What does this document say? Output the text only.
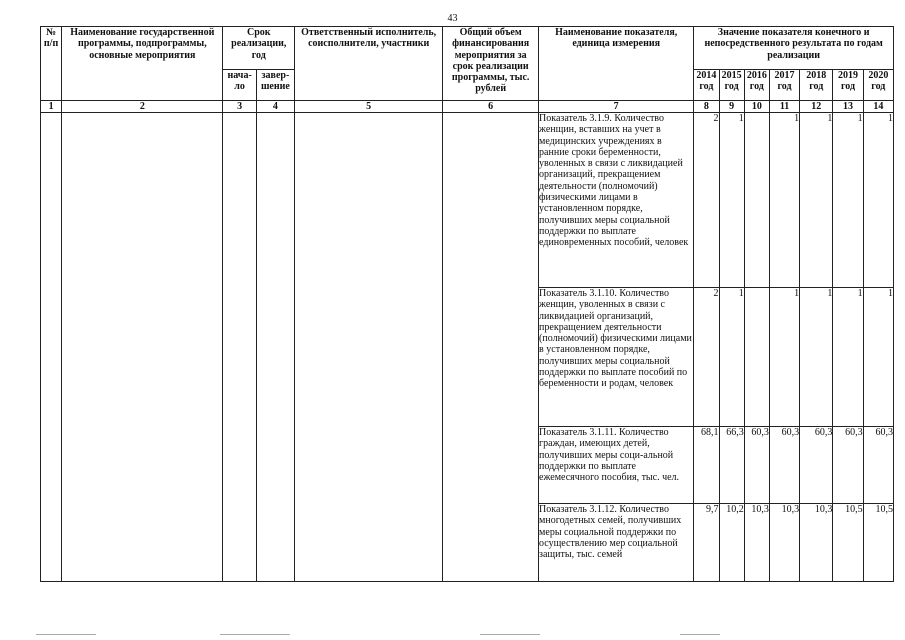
43
№ п/п	Наименование государственной программы, подпрограммы, основные мероприятия	Срок реализации, год		Ответственный исполнитель, соисполнители, участники	Общий объем финансирования мероприятия за срок реализации программы, тыс. рублей	Наименование показателя, единица измерения	Значение показателя конечного и непосредственного результата по годам реализации						
		нача-ло	завер-шение				2014 год	2015 год	2016 год	2017 год	2018 год	2019 год	2020 год
1	2	3	4	5	6	7	8	9	10	11	12	13	14
						Показатель 3.1.9. Количество женщин, вставших на учет в медицинских учреждениях в ранние сроки беременности, уволенных в связи с ликвидацией организаций, прекращением деятельности (полномочий) физическими лицами в установленном порядке, получивших меры социальной поддержки по выплате единовременных пособий, человек	2	1		1	1	1	1
						Показатель 3.1.10. Количество женщин, уволенных в связи с ликвидацией организаций, прекращением деятельности (полномочий) физическими лицами в установленном порядке, получивших меры социальной поддержки по выплате пособий по беременности и родам, человек	2	1		1	1	1	1
						Показатель 3.1.11. Количество граждан, имеющих детей, получивших меры соци-альной поддержки по выплате ежемесячного пособия, тыс. чел.	68,1	66,3	60,3	60,3	60,3	60,3	60,3
						Показатель 3.1.12. Количество многодетных семей, получивших меры социальной поддержки по осуществлению мер социальной защиты, тыс. семей	9,7	10,2	10,3	10,3	10,3	10,5	10,5
